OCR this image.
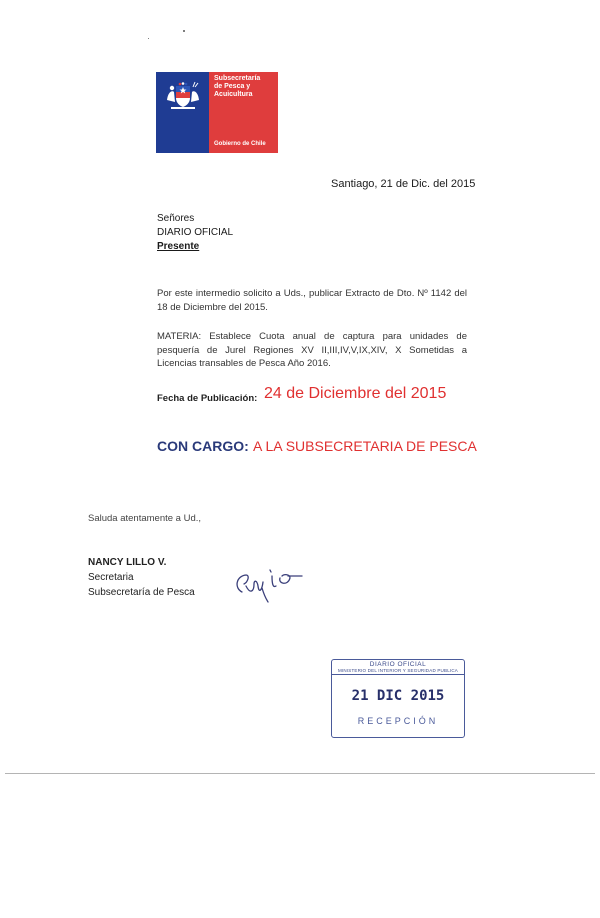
Subsecretaría
de Pesca y
Acuicultura
Gobierno de Chile
Santiago, 21 de Dic. del 2015
Señores
DIARIO OFICIAL
Presente
Por este intermedio solicito a Uds., publicar Extracto de Dto. Nº 1142 del 18 de Diciembre del 2015.
MATERIA: Establece Cuota anual de captura para unidades de pesquería de Jurel Regiones XV II,III,IV,V,IX,XIV, X Sometidas a Licencias transables de Pesca Año 2016.
Fecha de Publicación: 24 de Diciembre del 2015
CON CARGO: A LA SUBSECRETARIA DE PESCA
Saluda atentamente a Ud.,
NANCY LILLO V.
Secretaria
Subsecretaría de Pesca
DIARIO OFICIAL
MINISTERIO DEL INTERIOR Y SEGURIDAD PUBLICA
21 DIC 2015
RECEPCIÓN
